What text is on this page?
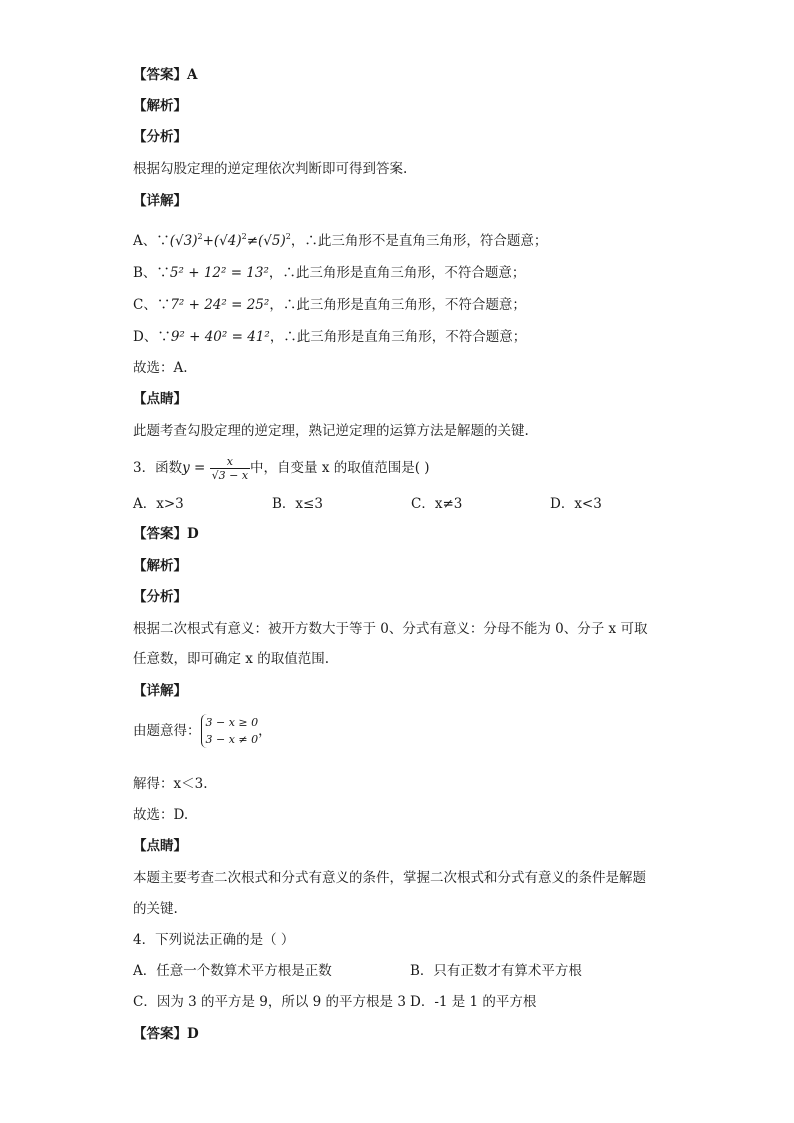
【答案】A
【解析】
【分析】
根据勾股定理的逆定理依次判断即可得到答案.
【详解】
A、$\because(√3)^2+(√4)^2\ne(√5)^2$，∴此三角形不是直角三角形，符合题意；
B、∵5² + 12² = 13²，∴此三角形是直角三角形，不符合题意；
C、∵7² + 24² = 25²，∴此三角形是直角三角形，不符合题意；
D、∵9² + 40² = 41²，∴此三角形是直角三角形，不符合题意；
故选：A.
【点睛】
此题考查勾股定理的逆定理，熟记逆定理的运算方法是解题的关键.
3．函数$y = \frac{x}{√3 - x}$ 中，自变量 x 的取值范围是( )
A．x>3	B．x≤3	C．x≠3	D．x<3
【答案】D
【解析】
【分析】
根据二次根式有意义：被开方数大于等于 0、分式有意义：分母不能为 0、分子 x 可取
任意数，即可确定 x 的取值范围.
【详解】
由题意得：
3 − x ≥ 0
3 − x ≠ 0
，
解得：x＜3.
故选：D.
【点睛】
本题主要考查二次根式和分式有意义的条件，掌握二次根式和分式有意义的条件是解题
的关键.
4．下列说法正确的是（ ）
A．任意一个数算术平方根是正数	B．只有正数才有算术平方根
C．因为 3 的平方是 9，所以 9 的平方根是 3 D．-1 是 1 的平方根
【答案】D
